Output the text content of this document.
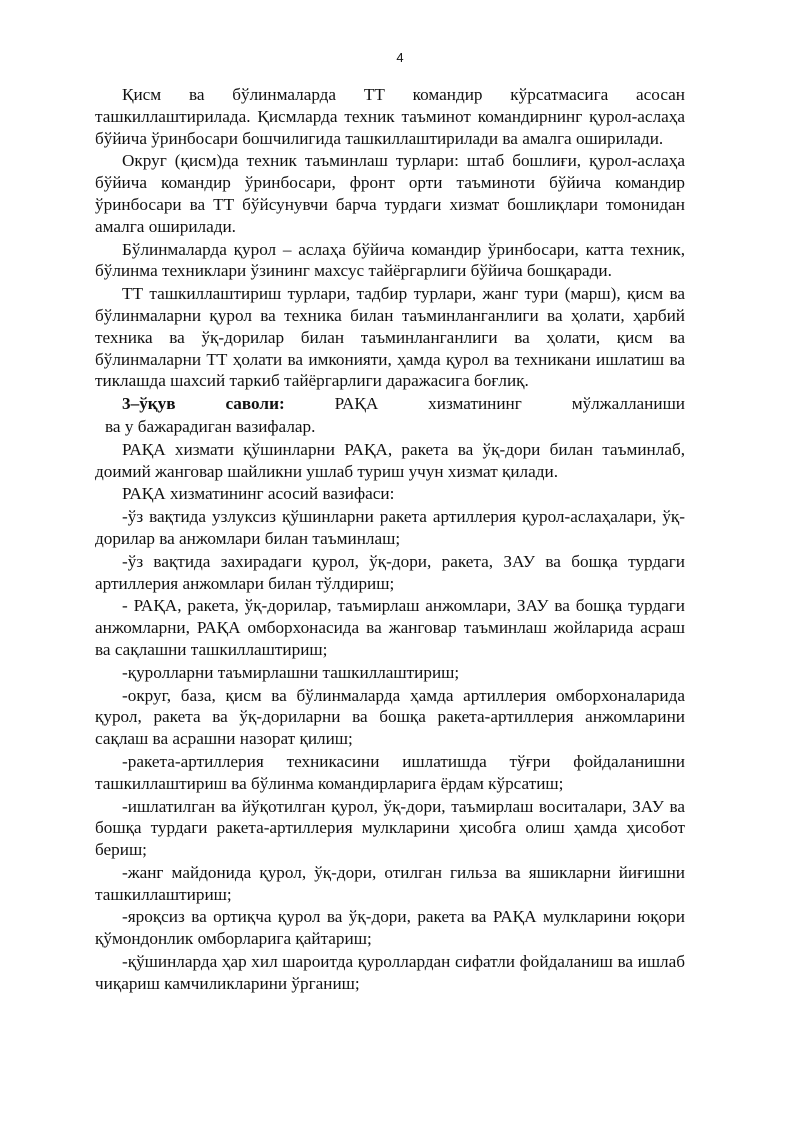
4

Қисм ва бўлинмаларда ТТ командир кўрсатмасига асосан ташкиллаштирилада. Қисмларда техник таъминот командирнинг қурол-аслаҳа бўйича ўринбосари бошчилигида ташкиллаштирилади ва амалга оширилади.

Округ (қисм)да техник таъминлаш турлари: штаб бошлиғи, қурол-аслаҳа бўйича командир ўринбосари, фронт орти таъминоти бўйича командир ўринбосари ва ТТ бўйсунувчи барча турдаги хизмат бошлиқлари томонидан амалга оширилади.

Бўлинмаларда қурол – аслаҳа бўйича командир ўринбосари, катта техник, бўлинма техниклари ўзининг махсус тайёргарлиги бўйича бошқаради.

ТТ ташкиллаштириш турлари, тадбир турлари, жанг тури (марш), қисм ва бўлинмаларни қурол ва техника билан таъминланганлиги ва ҳолати, ҳарбий техника ва ўқ-дорилар билан таъминланганлиги ва ҳолати, қисм ва бўлинмаларни ТТ ҳолати ва имконияти, ҳамда қурол ва техникани ишлатиш ва тиклашда шахсий таркиб тайёргарлиги даражасига боғлиқ.

3–ўқув саволи:	РАҚА хизматининг мўлжалланиши

ва у бажарадиган вазифалар.

РАҚА хизмати қўшинларни РАҚА, ракета ва ўқ-дори билан таъминлаб, доимий жанговар шайликни ушлаб туриш учун хизмат қилади.

РАҚА хизматининг асосий вазифаси:

-ўз вақтида узлуксиз қўшинларни ракета артиллерия қурол-аслаҳалари, ўқ-дорилар ва анжомлари билан таъминлаш;

-ўз вақтида захирадаги қурол, ўқ-дори, ракета, ЗАУ ва бошқа турдаги артиллерия анжомлари билан тўлдириш;

- РАҚА, ракета, ўқ-дорилар, таъмирлаш анжомлари, ЗАУ ва бошқа турдаги анжомларни, РАҚА омборхонасида ва жанговар таъминлаш жойларида асраш ва сақлашни ташкиллаштириш;

-қуролларни таъмирлашни ташкиллаштириш;

-округ, база, қисм ва бўлинмаларда ҳамда артиллерия омборхоналарида қурол, ракета ва ўқ-дориларни ва бошқа ракета-артиллерия анжомларини сақлаш ва асрашни назорат қилиш;

-ракета-артиллерия техникасини ишлатишда тўғри фойдаланишни ташкиллаштириш ва бўлинма командирларига ёрдам кўрсатиш;

-ишлатилган ва йўқотилган қурол, ўқ-дори, таъмирлаш воситалари, ЗАУ ва бошқа турдаги ракета-артиллерия мулкларини ҳисобга олиш ҳамда ҳисобот бериш;

-жанг майдонида қурол, ўқ-дори, отилган гильза ва яшикларни йиғишни ташкиллаштириш;

-яроқсиз ва ортиқча қурол ва ўқ-дори, ракета ва РАҚА мулкларини юқори қўмондонлик омборларига қайтариш;

-қўшинларда ҳар хил шароитда қуроллардан сифатли фойдаланиш ва ишлаб чиқариш камчиликларини ўрганиш;
